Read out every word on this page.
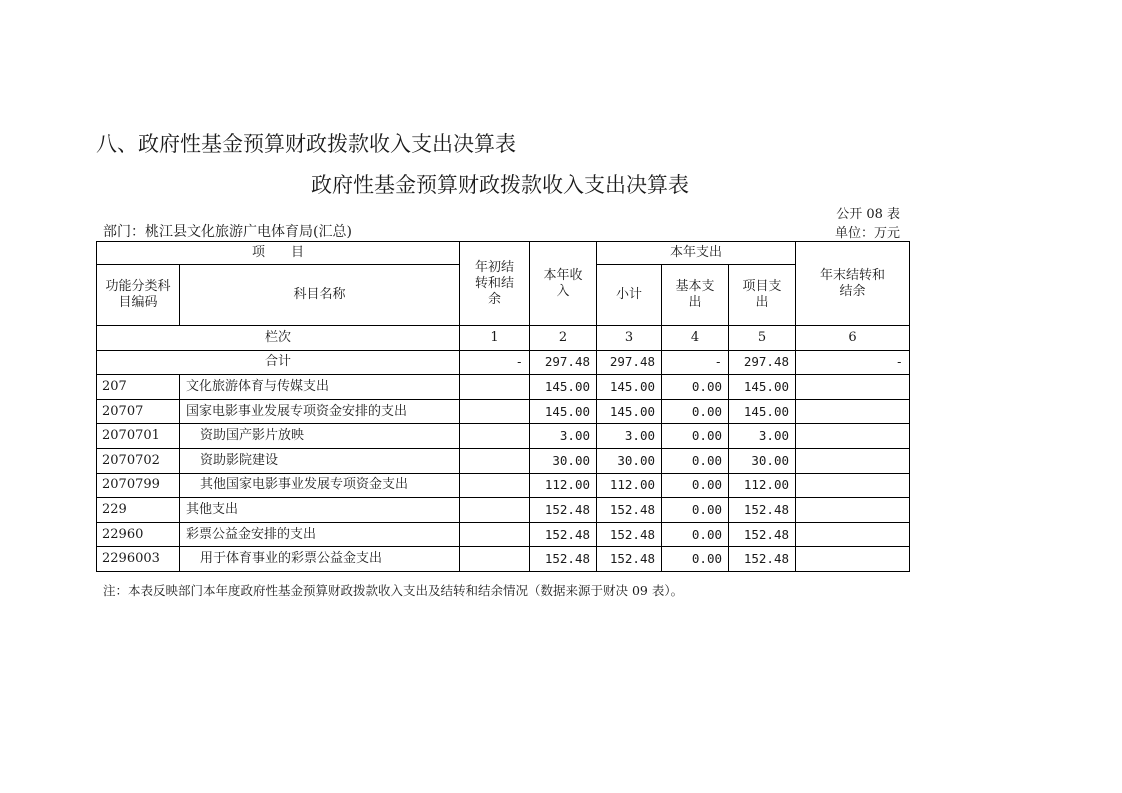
八、政府性基金预算财政拨款收入支出决算表
政府性基金预算财政拨款收入支出决算表
公开 08 表
部门：桃江县文化旅游广电体育局(汇总)	单位：万元
项　　目		年初结转和结余	本年收入	本年支出			年末结转和结余
功能分类科目编码	科目名称			小计	基本支出	项目支出	
栏次		1	2	3	4	5	6
合计		-	297.48	297.48	-	297.48	-
207	文化旅游体育与传媒支出		145.00	145.00	0.00	145.00	
20707	国家电影事业发展专项资金安排的支出		145.00	145.00	0.00	145.00	
2070701	资助国产影片放映		3.00	3.00	0.00	3.00	
2070702	资助影院建设		30.00	30.00	0.00	30.00	
2070799	其他国家电影事业发展专项资金支出		112.00	112.00	0.00	112.00	
229	其他支出		152.48	152.48	0.00	152.48	
22960	彩票公益金安排的支出		152.48	152.48	0.00	152.48	
2296003	用于体育事业的彩票公益金支出		152.48	152.48	0.00	152.48	
注：本表反映部门本年度政府性基金预算财政拨款收入支出及结转和结余情况（数据来源于财决 09 表）。
